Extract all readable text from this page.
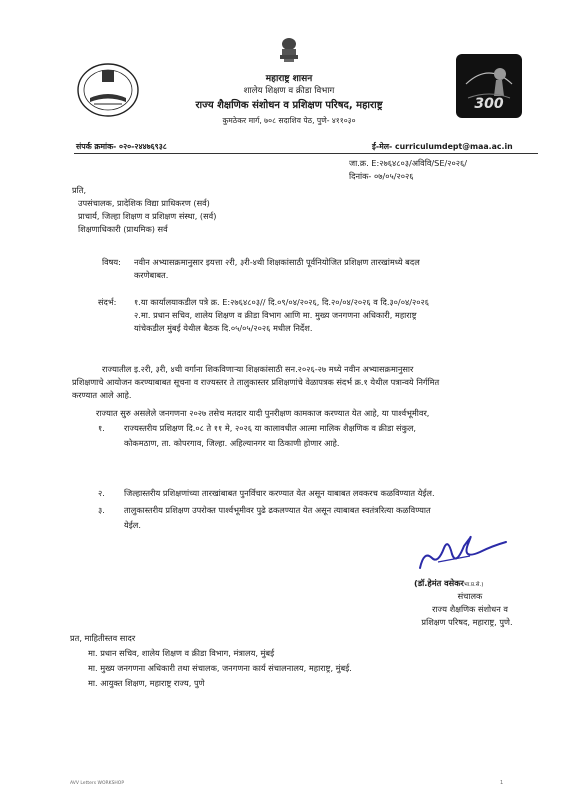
महाराष्ट्र शासन
शालेय शिक्षण व क्रीडा विभाग
राज्य शैक्षणिक संशोधन व प्रशिक्षण परिषद, महाराष्ट्र
कुमठेकर मार्ग, ७०८ सदाशिव पेठ, पुणे- ४११०३०
300
संपर्क क्रमांक- ०२०-२४४७६९३८	ई-मेल- curriculumdept@maa.ac.in
जा.क्र. E:२७६४८०३/अविवि/SE/२०२६/
दिनांक- ०७/०५/२०२६
प्रति,
उपसंचालक, प्रादेशिक विद्या प्राधिकरण (सर्व)
प्राचार्य, जिल्हा शिक्षण व प्रशिक्षण संस्था, (सर्व)
शिक्षणाधिकारी (प्राथमिक) सर्व
विषय: नवीन अभ्यासक्रमानुसार इयत्ता २री, ३री-४थी शिक्षकांसाठी पूर्वनियोजित प्रशिक्षण तारखांमध्ये बदल
करणेबाबत.
संदर्भ: १.या कार्यालयाकडील पत्रे क्र. E:२७६४८०३// दि.०९/०४/२०२६, दि.२०/०४/२०२६ व दि.३०/०४/२०२६
२.मा. प्रधान सचिव, शालेय शिक्षण व क्रीडा विभाग आणि मा. मुख्य जनगणना अधिकारी, महाराष्ट्र
यांचेकडील मुंबई येथील बैठक दि.०५/०५/२०२६ मधील निर्देश.
राज्यातील इ.२री, ३री, ४थी वर्गाना शिकविणाऱ्या शिक्षकांसाठी सन.२०२६-२७ मध्ये नवीन अभ्यासक्रमानुसार
प्रशिक्षणाचे आयोजन करण्याबाबत सूचना व राज्यस्तर ते तालुकास्तर प्रशिक्षणांचे वेळापत्रक संदर्भ क्र.१ येथील पत्रान्वये निर्गमित
करण्यात आले आहे.
राज्यात सुरु असलेले जनगणना २०२७ तसेच मतदार यादी पुनरीक्षण कामकाज करण्यात येत आहे, या पार्श्वभूमीवर,
१. राज्यस्तरीय प्रशिक्षण दि.०८ ते ११ मे, २०२६ या कालावधीत आत्मा मालिक शैक्षणिक व क्रीडा संकुल,
कोकमठाण, ता. कोपरगाव, जिल्हा. अहिल्यानगर या ठिकाणी होणार आहे.
२. जिल्हास्तरीय प्रशिक्षणांच्या तारखांबाबत पुनर्विचार करण्यात येत असून याबाबत लवकरच कळविण्यात येईल.
३. तालुकास्तरीय प्रशिक्षण उपरोक्त पार्श्वभूमीवर पुढे ढकलण्यात येत असून त्याबाबत स्वतंत्ररित्या कळविण्यात
येईल.
(डॉ.हेमंत वसेकरभा.प्र.से.)
संचालक
राज्य शैक्षणिक संशोधन व
प्रशिक्षण परिषद, महाराष्ट्र, पुणे.
प्रत, माहितीस्तव सादर
मा. प्रधान सचिव, शालेय शिक्षण व क्रीडा विभाग, मंत्रालय, मुंबई
मा. मुख्य जनगणना अधिकारी तथा संचालक, जनगणना कार्य संचालनालय, महाराष्ट्र, मुंबई.
मा. आयुक्त शिक्षण, महाराष्ट्र राज्य, पुणे
AVV Letters WORKSHOP	1
